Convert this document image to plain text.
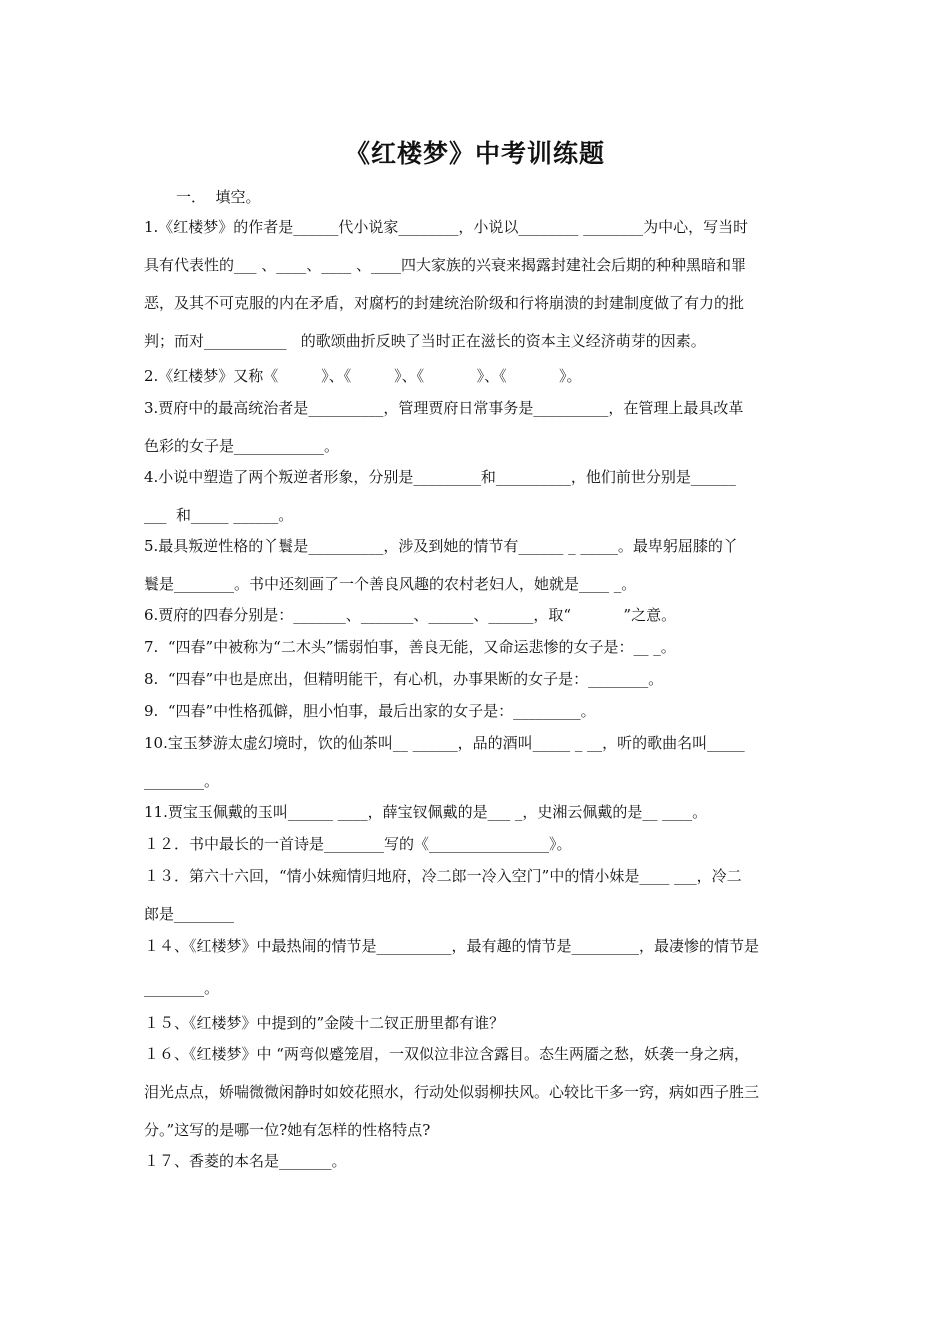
《红楼梦》中考训练题
一．  填空。
1.《红楼梦》的作者是______代小说家________，小说以________ ________为中心，写当时
具有代表性的___ 、____、____ 、____四大家族的兴衰来揭露封建社会后期的种种黑暗和罪
恶，及其不可克服的内在矛盾，对腐朽的封建统治阶级和行将崩溃的封建制度做了有力的批
判；而对___________   的歌颂曲折反映了当时正在滋长的资本主义经济萌芽的因素。
2.《红楼梦》又称《         》、《         》、《           》、《           》。
3.贾府中的最高统治者是__________，管理贾府日常事务是__________，在管理上最具改革
色彩的女子是____________。
4.小说中塑造了两个叛逆者形象，分别是_________和__________，他们前世分别是______
___  和_____ ______。
5.最具叛逆性格的丫鬟是__________，涉及到她的情节有______ _ _____。最卑躬屈膝的丫
鬟是________。书中还刻画了一个善良风趣的农村老妇人，她就是____ _。
6.贾府的四春分别是：_______、_______、______、______，取“           ”之意。
7.  “四春”中被称为“二木头”懦弱怕事，善良无能，又命运悲惨的女子是：__ _。
8.  “四春”中也是庶出，但精明能干，有心机，办事果断的女子是：________。
9.  “四春”中性格孤僻，胆小怕事，最后出家的女子是：_________。
10.宝玉梦游太虚幻境时，饮的仙茶叫__ ______，品的酒叫_____ _ __，听的歌曲名叫_____
________。
11.贾宝玉佩戴的玉叫______ ____，薛宝钗佩戴的是___ _，史湘云佩戴的是__ ____。
１２．书中最长的一首诗是________写的《________________》。
１３．第六十六回，“情小妹痴情归地府，冷二郎一冷入空门”中的情小妹是____ ___，冷二
郎是________
１４、《红楼梦》中最热闹的情节是__________，最有趣的情节是_________，最凄惨的情节是
________。
１５、《红楼梦》中提到的”金陵十二钗正册里都有谁？
１６、《红楼梦》中 “两弯似蹙笼眉，一双似泣非泣含露目。态生两靥之愁，妖袭一身之病，
泪光点点，娇喘微微闲静时如姣花照水，行动处似弱柳扶风。心较比干多一窍，病如西子胜三
分。”这写的是哪一位?她有怎样的性格特点?
１７、香菱的本名是_______。
